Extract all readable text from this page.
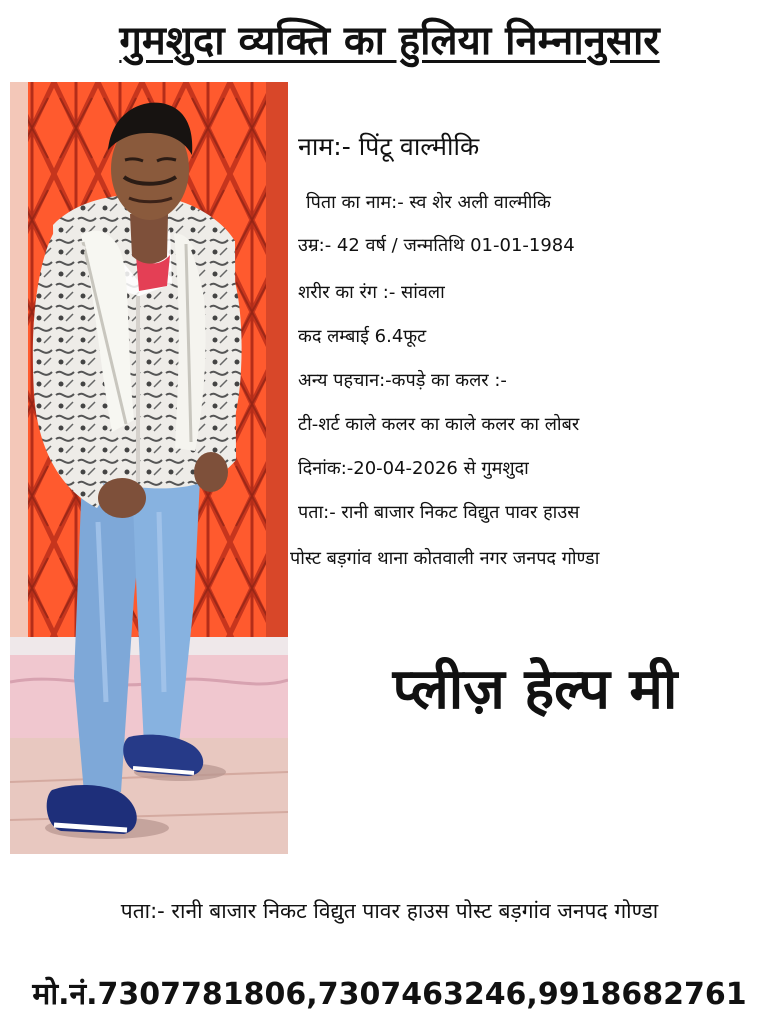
गुमशुदा व्यक्ति का हुलिया निम्नानुसार
नाम:- पिंटू वाल्मीकि
पिता का नाम:- स्व शेर अली वाल्मीकि
उम्र:- 42 वर्ष / जन्मतिथि 01-01-1984
शरीर का रंग :- सांवला
कद लम्बाई 6.4फूट
अन्य पहचान:-कपड़े का कलर :-
टी-शर्ट काले कलर का काले कलर का लोबर
दिनांक:-20-04-2026 से गुमशुदा
पता:- रानी बाजार निकट विद्युत पावर हाउस
पोस्ट बड़गांव थाना कोतवाली नगर जनपद गोण्डा
प्लीज़ हेल्प मी
पता:- रानी बाजार निकट विद्युत पावर हाउस पोस्ट बड़गांव जनपद गोण्डा
मो.नं.7307781806,7307463246,9918682761
